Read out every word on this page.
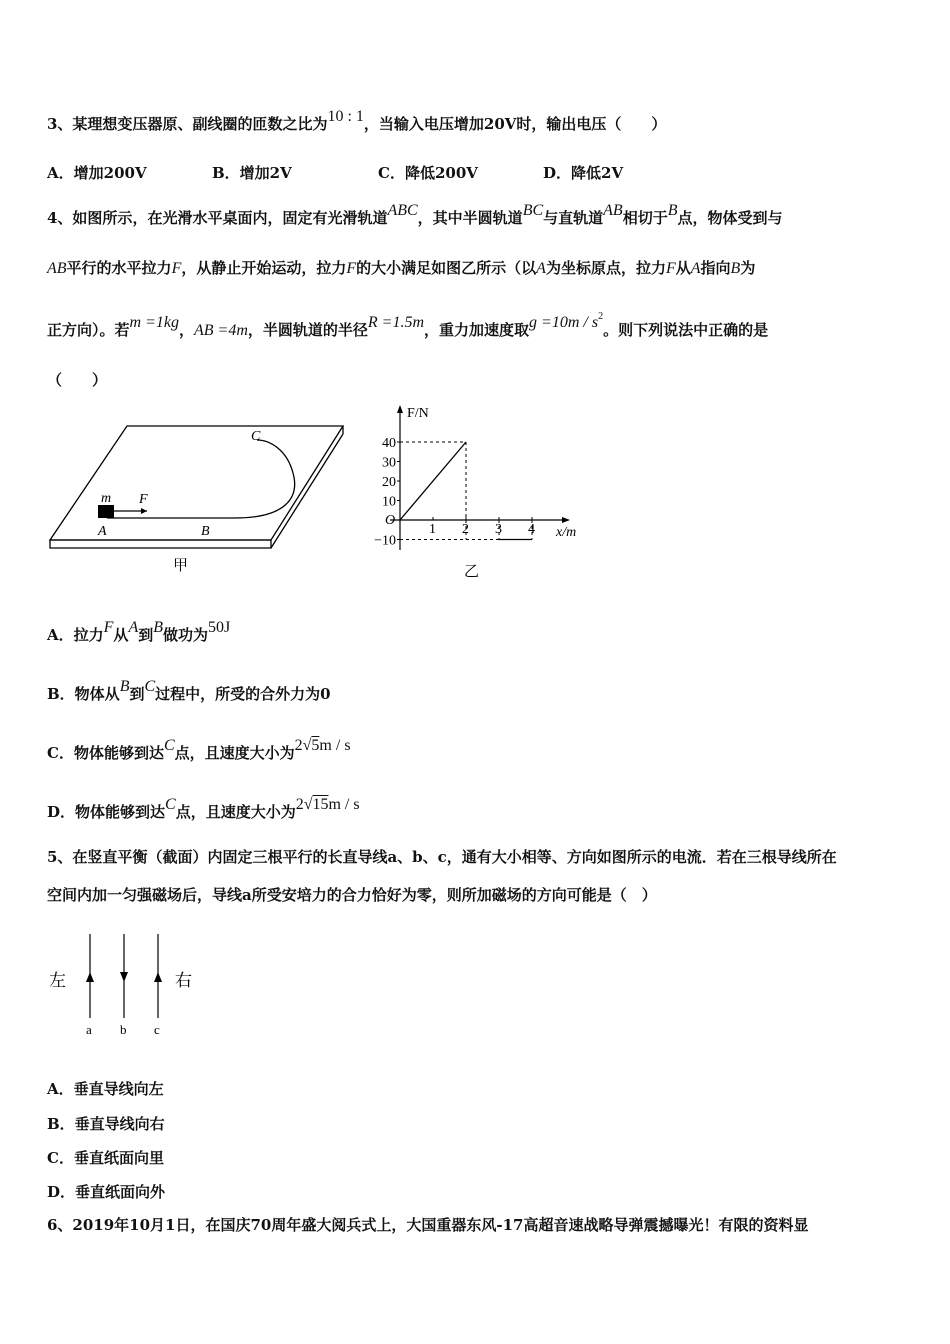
3、某理想变压器原、副线圈的匝数之比为10 : 1，当输入电压增加20V时，输出电压（　　）
A．增加200V	B．增加2V	C．降低200V	D．降低2V
4、如图所示，在光滑水平桌面内，固定有光滑轨道ABC，其中半圆轨道BC与直轨道AB相切于B点，物体受到与
AB平行的水平拉力F，从静止开始运动，拉力F的大小满足如图乙所示（以A为坐标原点，拉力F从A指向B为
正方向）。若m =1kg，AB =4m，半圆轨道的半径R =1.5m，重力加速度取$g =10m / s^2$。则下列说法中正确的是
（　　）
C
m F
A	B
甲
F/N
x/m
O
40
30
20
10
−10
1 2 3 4
乙
A．拉力F从A到B做功为50J
B．物体从B到C过程中，所受的合外力为0
C．物体能够到达C点，且速度大小为2√5m / s
D．物体能够到达C点，且速度大小为2√15m / s
5、在竖直平衡（截面）内固定三根平行的长直导线a、b、c，通有大小相等、方向如图所示的电流．若在三根导线所在
空间内加一匀强磁场后，导线a所受安培力的合力恰好为零，则所加磁场的方向可能是（　）
左	右
a b c
A．垂直导线向左
B．垂直导线向右
C．垂直纸面向里
D．垂直纸面向外
6、2019年10月1日，在国庆70周年盛大阅兵式上，大国重器东风-17高超音速战略导弹震撼曝光！有限的资料显
